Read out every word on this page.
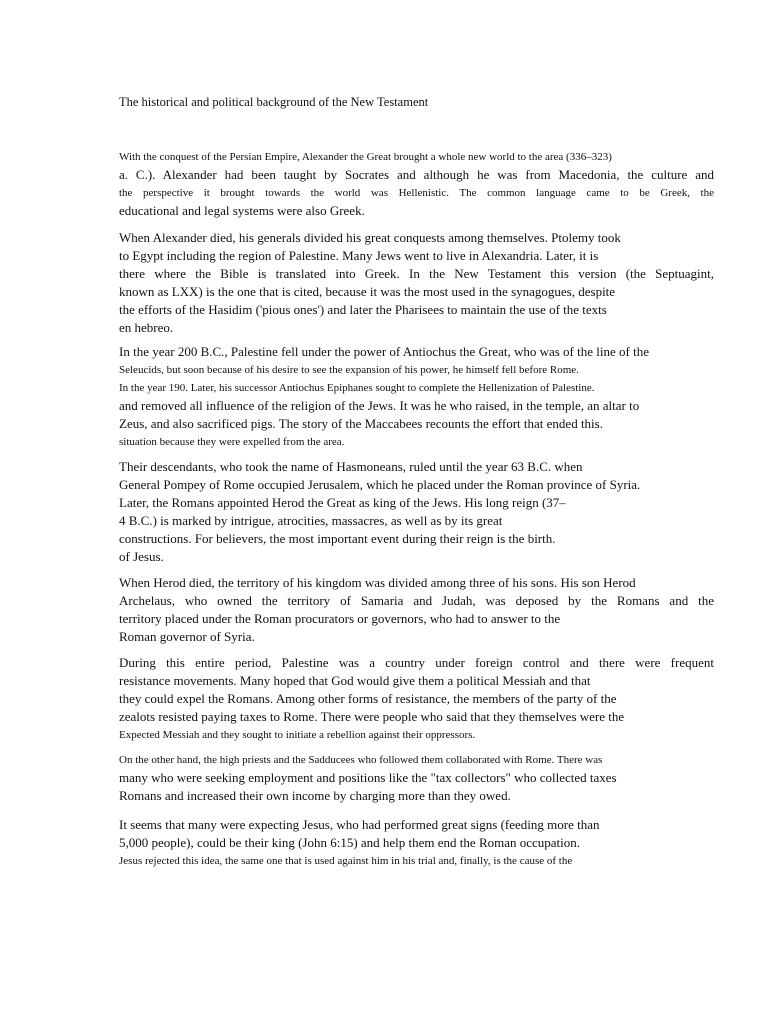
The historical and political background of the New Testament
With the conquest of the Persian Empire, Alexander the Great brought a whole new world to the area (336–323)
a. C.). Alexander had been taught by Socrates and although he was from Macedonia, the culture and
the perspective it brought towards the world was Hellenistic. The common language came to be Greek, the
educational and legal systems were also Greek.
When Alexander died, his generals divided his great conquests among themselves. Ptolemy took
to Egypt including the region of Palestine. Many Jews went to live in Alexandria. Later, it is
there where the Bible is translated into Greek. In the New Testament this version (the Septuagint,
known as LXX) is the one that is cited, because it was the most used in the synagogues, despite
the efforts of the Hasidim ('pious ones') and later the Pharisees to maintain the use of the texts
en hebreo.
In the year 200 B.C., Palestine fell under the power of Antiochus the Great, who was of the line of the
Seleucids, but soon because of his desire to see the expansion of his power, he himself fell before Rome.
In the year 190. Later, his successor Antiochus Epiphanes sought to complete the Hellenization of Palestine.
and removed all influence of the religion of the Jews. It was he who raised, in the temple, an altar to
Zeus, and also sacrificed pigs. The story of the Maccabees recounts the effort that ended this.
situation because they were expelled from the area.
Their descendants, who took the name of Hasmoneans, ruled until the year 63 B.C. when
General Pompey of Rome occupied Jerusalem, which he placed under the Roman province of Syria.
Later, the Romans appointed Herod the Great as king of the Jews. His long reign (37–
4 B.C.) is marked by intrigue, atrocities, massacres, as well as by its great
constructions. For believers, the most important event during their reign is the birth.
of Jesus.
When Herod died, the territory of his kingdom was divided among three of his sons. His son Herod
Archelaus, who owned the territory of Samaria and Judah, was deposed by the Romans and the
territory placed under the Roman procurators or governors, who had to answer to the
Roman governor of Syria.
During this entire period, Palestine was a country under foreign control and there were frequent
resistance movements. Many hoped that God would give them a political Messiah and that
they could expel the Romans. Among other forms of resistance, the members of the party of the
zealots resisted paying taxes to Rome. There were people who said that they themselves were the
Expected Messiah and they sought to initiate a rebellion against their oppressors.
On the other hand, the high priests and the Sadducees who followed them collaborated with Rome. There was
many who were seeking employment and positions like the "tax collectors" who collected taxes
Romans and increased their own income by charging more than they owed.
It seems that many were expecting Jesus, who had performed great signs (feeding more than
5,000 people), could be their king (John 6:15) and help them end the Roman occupation.
Jesus rejected this idea, the same one that is used against him in his trial and, finally, is the cause of the
